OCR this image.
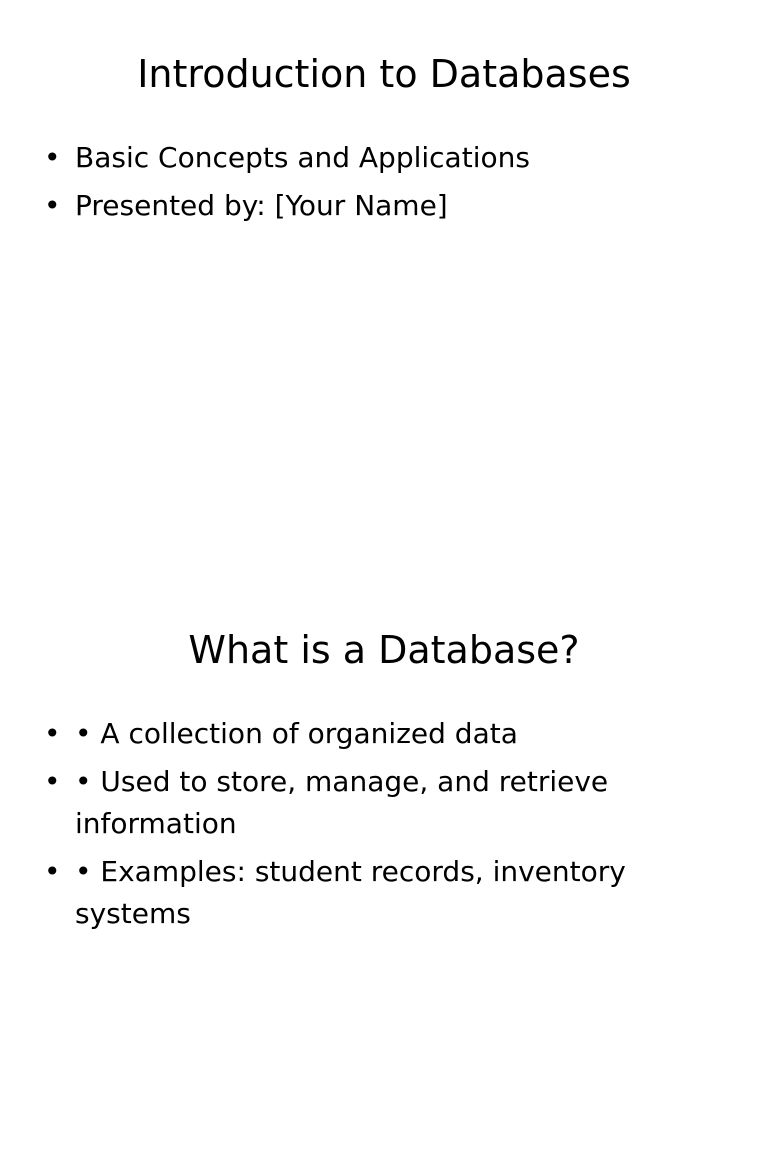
Introduction to Databases
• Basic Concepts and Applications
• Presented by: [Your Name]
What is a Database?
• • A collection of organized data
• • Used to store, manage, and retrieve information
• • Examples: student records, inventory systems
